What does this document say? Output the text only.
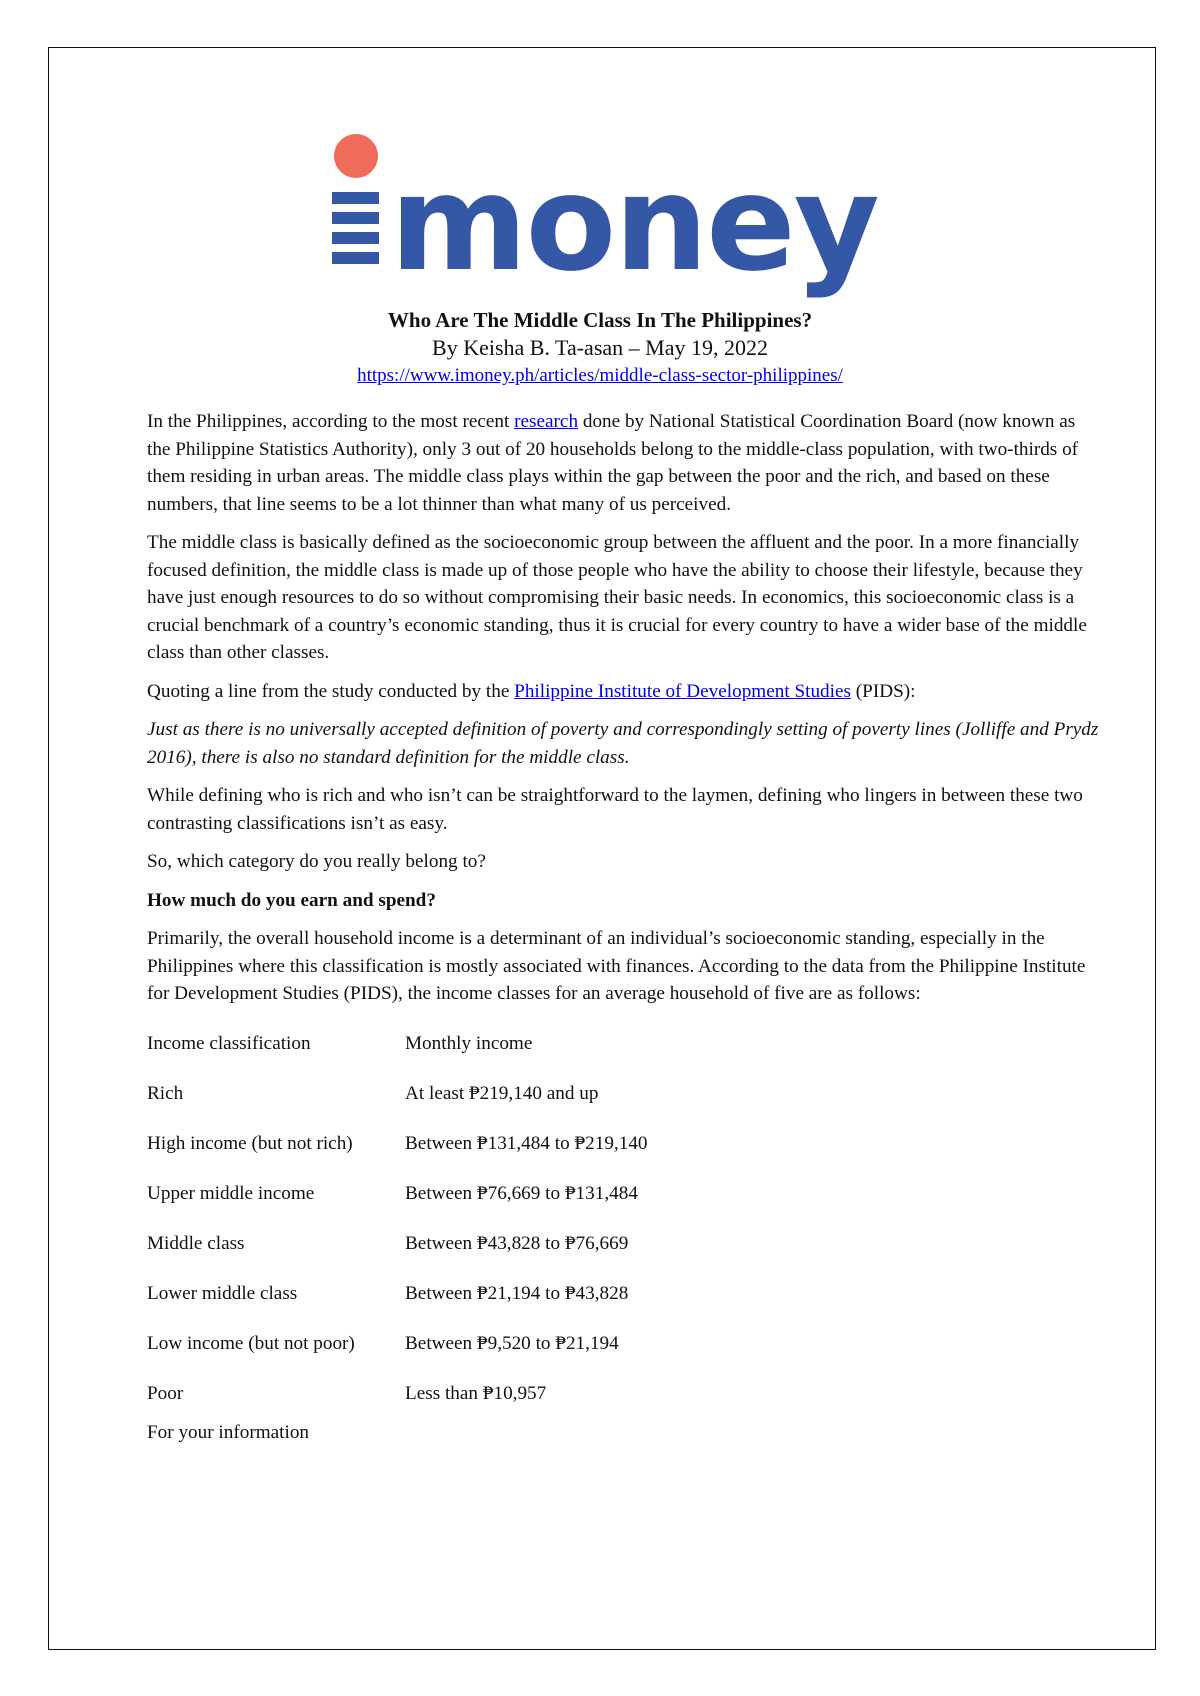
money
Who Are The Middle Class In The Philippines?
By Keisha B. Ta-asan – May 19, 2022
https://www.imoney.ph/articles/middle-class-sector-philippines/

In the Philippines, according to the most recent research done by National Statistical Coordination Board (now known as the Philippine Statistics Authority), only 3 out of 20 households belong to the middle-class population, with two-thirds of them residing in urban areas. The middle class plays within the gap between the poor and the rich, and based on these numbers, that line seems to be a lot thinner than what many of us perceived.

The middle class is basically defined as the socioeconomic group between the affluent and the poor. In a more financially focused definition, the middle class is made up of those people who have the ability to choose their lifestyle, because they have just enough resources to do so without compromising their basic needs. In economics, this socioeconomic class is a crucial benchmark of a country’s economic standing, thus it is crucial for every country to have a wider base of the middle class than other classes.

Quoting a line from the study conducted by the Philippine Institute of Development Studies (PIDS):

Just as there is no universally accepted definition of poverty and correspondingly setting of poverty lines (Jolliffe and Prydz 2016), there is also no standard definition for the middle class.

While defining who is rich and who isn’t can be straightforward to the laymen, defining who lingers in between these two contrasting classifications isn’t as easy.

So, which category do you really belong to?

How much do you earn and spend?

Primarily, the overall household income is a determinant of an individual’s socioeconomic standing, especially in the Philippines where this classification is mostly associated with finances. According to the data from the Philippine Institute for Development Studies (PIDS), the income classes for an average household of five are as follows:

Income classification	Monthly income
Rich	At least ₱219,140 and up
High income (but not rich)	Between ₱131,484 to ₱219,140
Upper middle income	Between ₱76,669 to ₱131,484
Middle class	Between ₱43,828 to ₱76,669
Lower middle class	Between ₱21,194 to ₱43,828
Low income (but not poor)	Between ₱9,520 to ₱21,194
Poor	Less than ₱10,957

For your information
